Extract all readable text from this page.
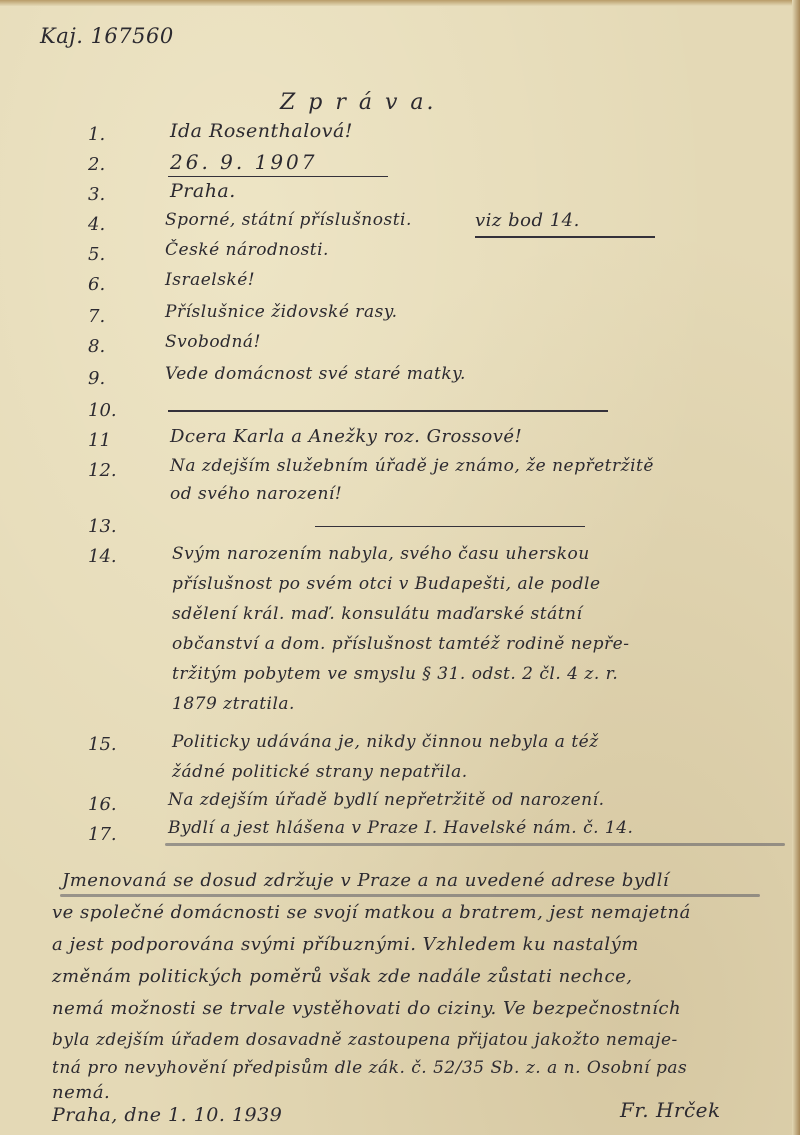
Kaj. 167560
Z p r á v a.
1.	Ida Rosenthalová!
2.	26. 9. 1907
3.	Praha.
4.	Sporné, státní příslušnosti.	viz bod 14.
5.	České národnosti.
6.	Israelské!
7.	Příslušnice židovské rasy.
8.	Svobodná!
9.	Vede domácnost své staré matky.
10.
11	Dcera Karla a Anežky roz. Grossové!
12.	Na zdejším služebním úřadě je známo, že nepřetržitě
od svého narození!
13.
14.	Svým narozením nabyla, svého času uherskou
příslušnost po svém otci v Budapešti, ale podle
sdělení král. maď. konsulátu maďarské státní
občanství a dom. příslušnost tamtéž rodině nepře-
tržitým pobytem ve smyslu § 31. odst. 2 čl. 4 z. r.
1879 ztratila.
15.	Politicky udávána je, nikdy činnou nebyla a též
žádné politické strany nepatřila.
16.	Na zdejším úřadě bydlí nepřetržitě od narození.
17.	Bydlí a jest hlášena v Praze I. Havelské nám. č. 14.
Jmenovaná se dosud zdržuje v Praze a na uvedené adrese bydlí
ve společné domácnosti se svojí matkou a bratrem, jest nemajetná
a jest podporována svými příbuznými. Vzhledem ku nastalým
změnám politických poměrů však zde nadále zůstati nechce,
nemá možnosti se trvale vystěhovati do ciziny. Ve bezpečnostních
byla zdejším úřadem dosavadně zastoupena přijatou jakožto nemaje-
tná pro nevyhovění předpisům dle zák. č. 52/35 Sb. z. a n. Osobní pas
nemá.
Praha, dne 1. 10. 1939	Fr. Hrček
